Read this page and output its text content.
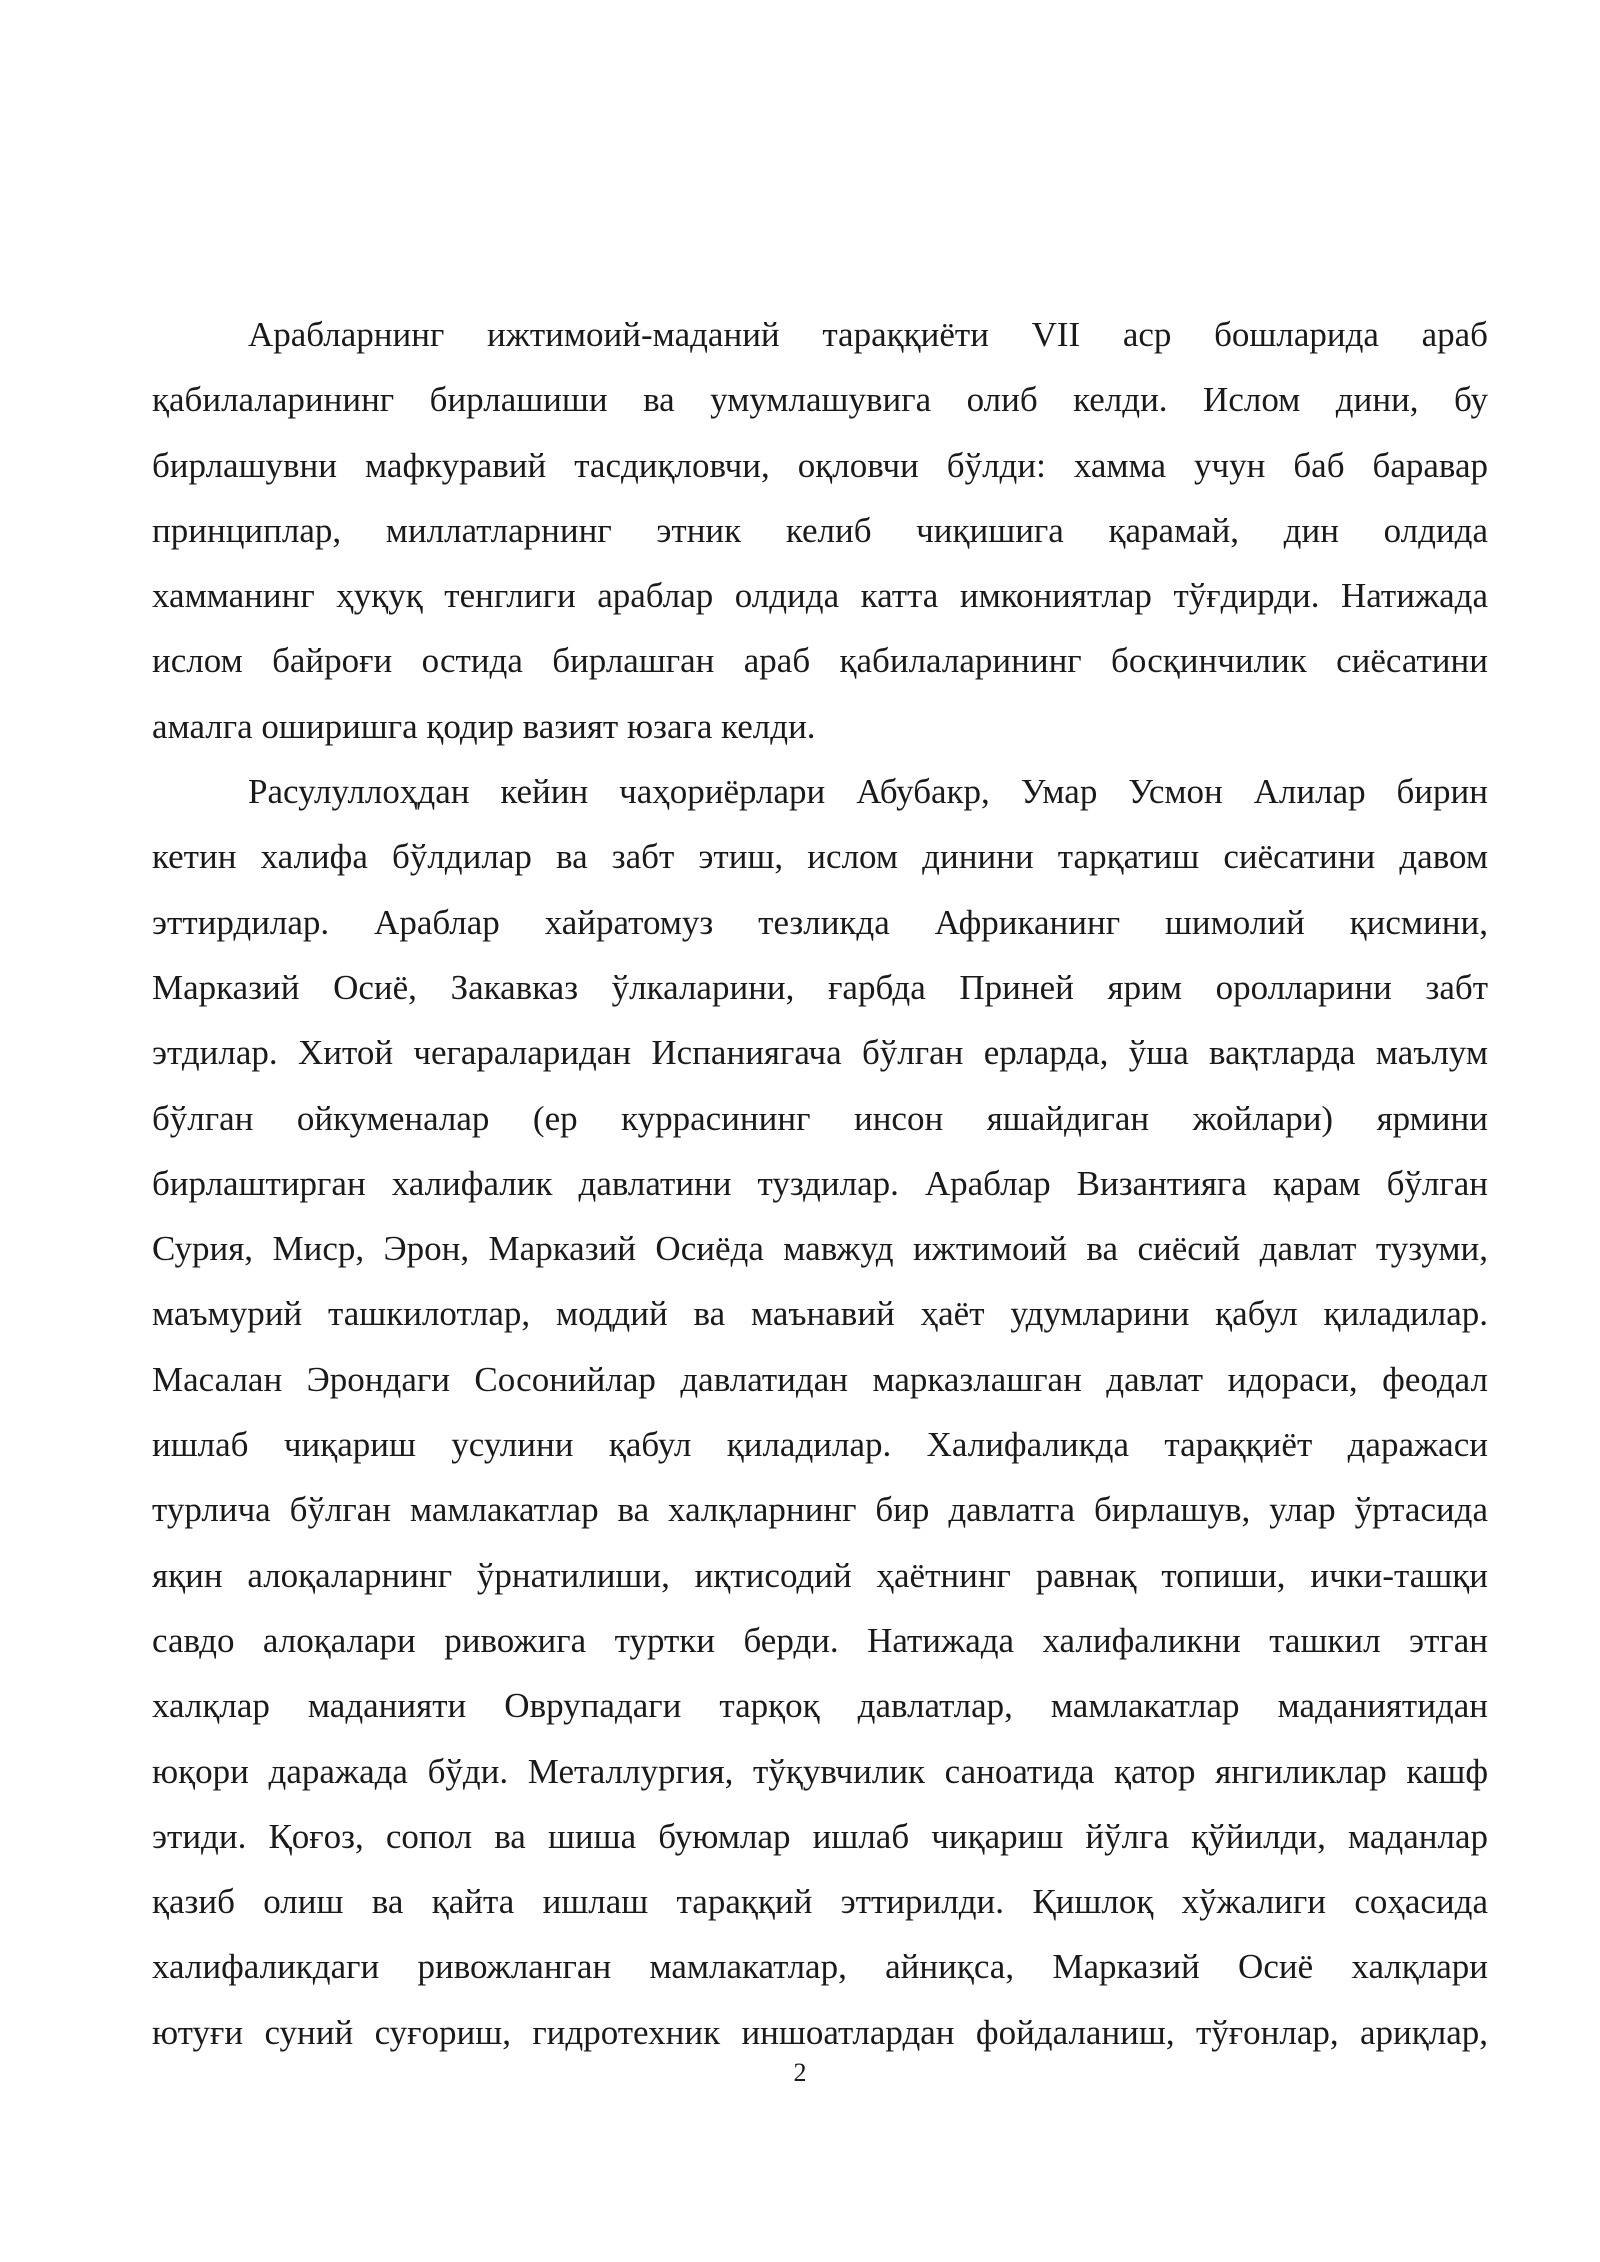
Арабларнинг ижтимоий-маданий тараққиёти VII аср бошларида араб
қабилаларининг бирлашиши ва умумлашувига олиб келди. Ислом дини, бу
бирлашувни мафкуравий тасдиқловчи, оқловчи бўлди: хамма учун баб баравар
принциплар, миллатларнинг этник келиб чиқишига қарамай, дин олдида
хамманинг ҳуқуқ тенглиги араблар олдида катта имкониятлар тўғдирди. Натижада
ислом байроғи остида бирлашган араб қабилаларининг босқинчилик сиёсатини
амалга оширишга қодир вазият юзага келди.
Расулуллоҳдан кейин чаҳориёрлари Абубакр, Умар Усмон Алилар бирин
кетин халифа бўлдилар ва забт этиш, ислом динини тарқатиш сиёсатини давом
эттирдилар. Араблар хайратомуз тезликда Африканинг шимолий қисмини,
Марказий Осиё, Закавказ ўлкаларини, ғарбда Приней ярим оролларини забт
этдилар. Хитой чегараларидан Испаниягача бўлган ерларда, ўша вақтларда маълум
бўлган ойкуменалар (ер куррасининг инсон яшайдиган жойлари) ярмини
бирлаштирган халифалик давлатини туздилар. Араблар Византияга қарам бўлган
Сурия, Миср, Эрон, Марказий Осиёда мавжуд ижтимоий ва сиёсий давлат тузуми,
маъмурий ташкилотлар, моддий ва маънавий ҳаёт удумларини қабул қиладилар.
Масалан Эрондаги Сосонийлар давлатидан марказлашган давлат идораси, феодал
ишлаб чиқариш усулини қабул қиладилар. Халифаликда тараққиёт даражаси
турлича бўлган мамлакатлар ва халқларнинг бир давлатга бирлашув, улар ўртасида
яқин алоқаларнинг ўрнатилиши, иқтисодий ҳаётнинг равнақ топиши, ички-ташқи
савдо алоқалари ривожига туртки берди. Натижада халифаликни ташкил этган
халқлар маданияти Оврупадаги тарқоқ давлатлар, мамлакатлар маданиятидан
юқори даражада бўди. Металлургия, тўқувчилик саноатида қатор янгиликлар кашф
этиди. Қоғоз, сопол ва шиша буюмлар ишлаб чиқариш йўлга қўйилди, маданлар
қазиб олиш ва қайта ишлаш тараққий эттирилди. Қишлоқ хўжалиги соҳасида
халифаликдаги ривожланган мамлакатлар, айниқса, Марказий Осиё халқлари
ютуғи суний суғориш, гидротехник иншоатлардан фойдаланиш, тўғонлар, ариқлар,
2
